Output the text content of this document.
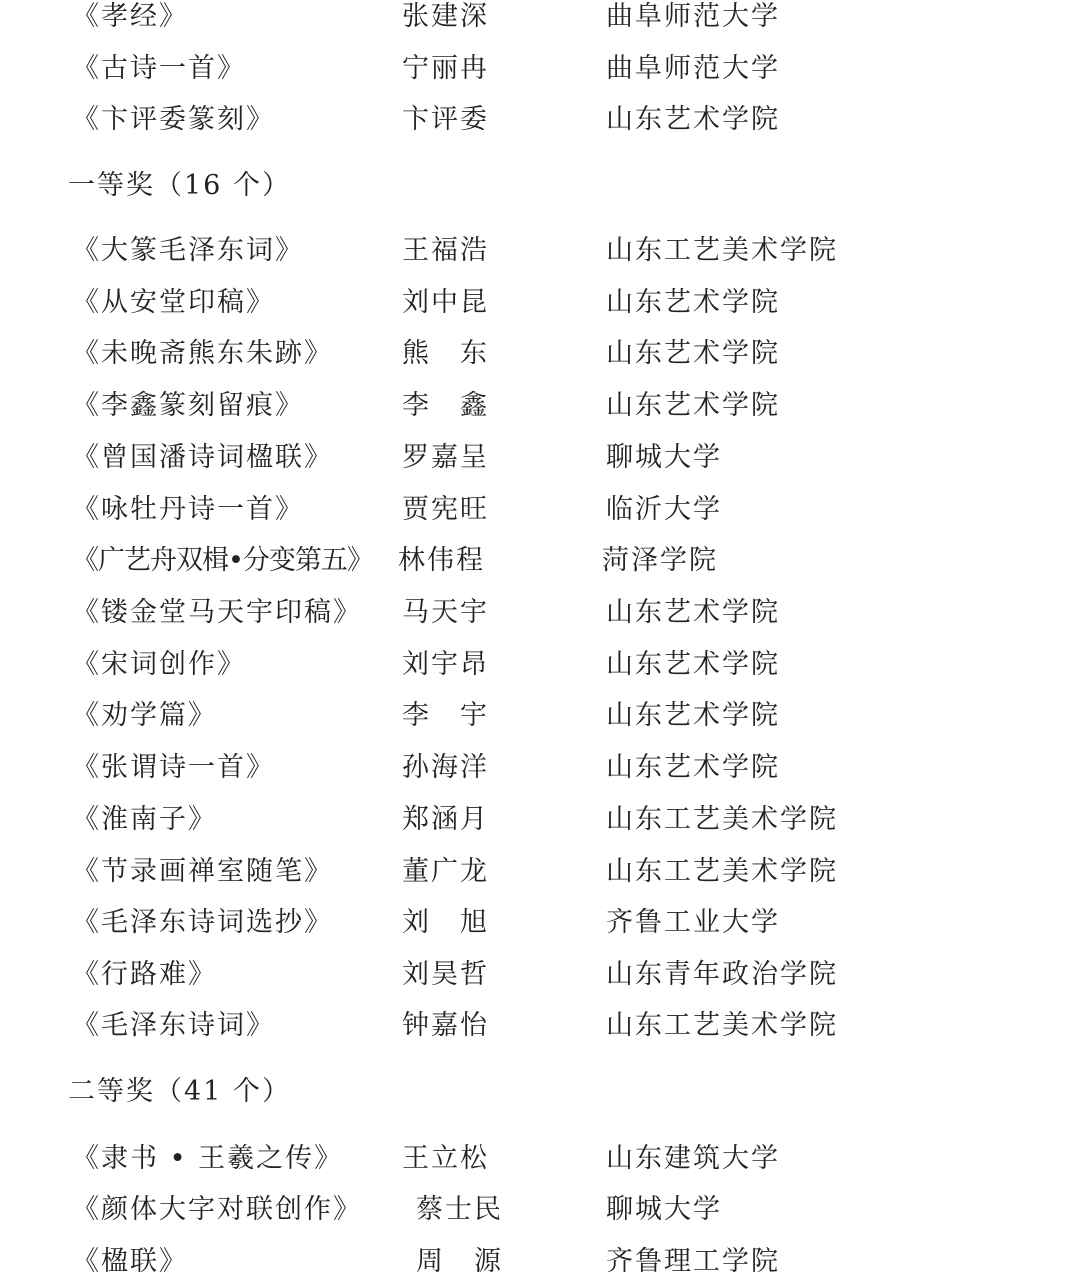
《孝经》	张建深	曲阜师范大学
《古诗一首》	宁丽冉	曲阜师范大学
《卞评委篆刻》	卞评委	山东艺术学院
一等奖（16 个）
《大篆毛泽东词》	王福浩	山东工艺美术学院
《从安堂印稿》	刘中昆	山东艺术学院
《未晚斋熊东朱跡》	熊　东	山东艺术学院
《李鑫篆刻留痕》	李　鑫	山东艺术学院
《曾国潘诗词楹联》	罗嘉呈	聊城大学
《咏牡丹诗一首》	贾宪旺	临沂大学
《广艺舟双楫•分变第五》 林伟程	菏泽学院
《镂金堂马天宇印稿》 马天宇	山东艺术学院
《宋词创作》	刘宇昂	山东艺术学院
《劝学篇》	李　宇	山东艺术学院
《张谓诗一首》	孙海洋	山东艺术学院
《淮南子》	郑涵月	山东工艺美术学院
《节录画禅室随笔》	董广龙	山东工艺美术学院
《毛泽东诗词选抄》	刘　旭	齐鲁工业大学
《行路难》	刘昊哲	山东青年政治学院
《毛泽东诗词》	钟嘉怡	山东工艺美术学院
二等奖（41 个）
《隶书 • 王羲之传》 王立松	山东建筑大学
《颜体大字对联创作》 蔡士民	聊城大学
《楹联》	周　源	齐鲁理工学院
